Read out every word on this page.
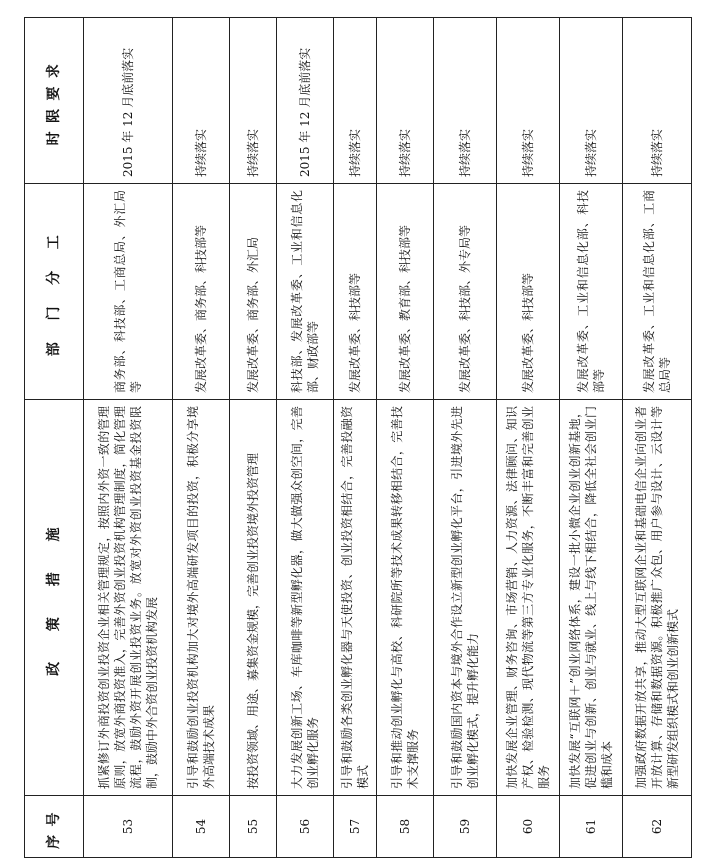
序号	政　策　措　施	部 门 分 工	时限要求
53	抓紧修订外商投资创业投资企业相关管理规定，按照内外资一致的管理原则，放宽外商投资准入，完善外资创业投资机构管理制度，简化管理流程，鼓励外资开展创业投资业务。放宽对外资创业投资基金投资限制，鼓励中外合资创业投资机构发展	商务部、科技部、工商总局、外汇局等	2015 年 12 月底前落实
54	引导和鼓励创业投资机构加大对境外高端研发项目的投资，积极分享境外高端技术成果	发展改革委、商务部、科技部等	持续落实
55	按投资领域、用途、募集资金规模，完善创业投资境外投资管理	发展改革委、商务部、外汇局	持续落实
56	大力发展创新工场、车库咖啡等新型孵化器，做大做强众创空间，完善创业孵化服务	科技部、发展改革委、工业和信息化部、财政部等	2015 年 12 月底前落实
57	引导和鼓励各类创业孵化器与天使投资、创业投资相结合，完善投融资模式	发展改革委、科技部等	持续落实
58	引导和推动创业孵化与高校、科研院所等技术成果转移相结合，完善技术支撑服务	发展改革委、教育部、科技部等	持续落实
59	引导和鼓励国内资本与境外合作设立新型创业孵化平台，引进境外先进创业孵化模式，提升孵化能力	发展改革委、科技部、外专局等	持续落实
60	加快发展企业管理、财务咨询、市场营销、人力资源、法律顾问、知识产权、检验检测、现代物流等第三方专业化服务，不断丰富和完善创业服务	发展改革委、科技部等	持续落实
61	加快发展“互联网＋”创业网络体系，建设一批小微企业创业创新基地，促进创业与创新、创业与就业、线上与线下相结合，降低全社会创业门槛和成本	发展改革委、工业和信息化部、科技部等	持续落实
62	加强政府数据开放共享，推动大型互联网企业和基础电信企业向创业者开放计算、存储和数据资源。积极推广众包、用户参与设计、云设计等新型研发组织模式和创业创新模式	发展改革委、工业和信息化部、工商总局等	持续落实
